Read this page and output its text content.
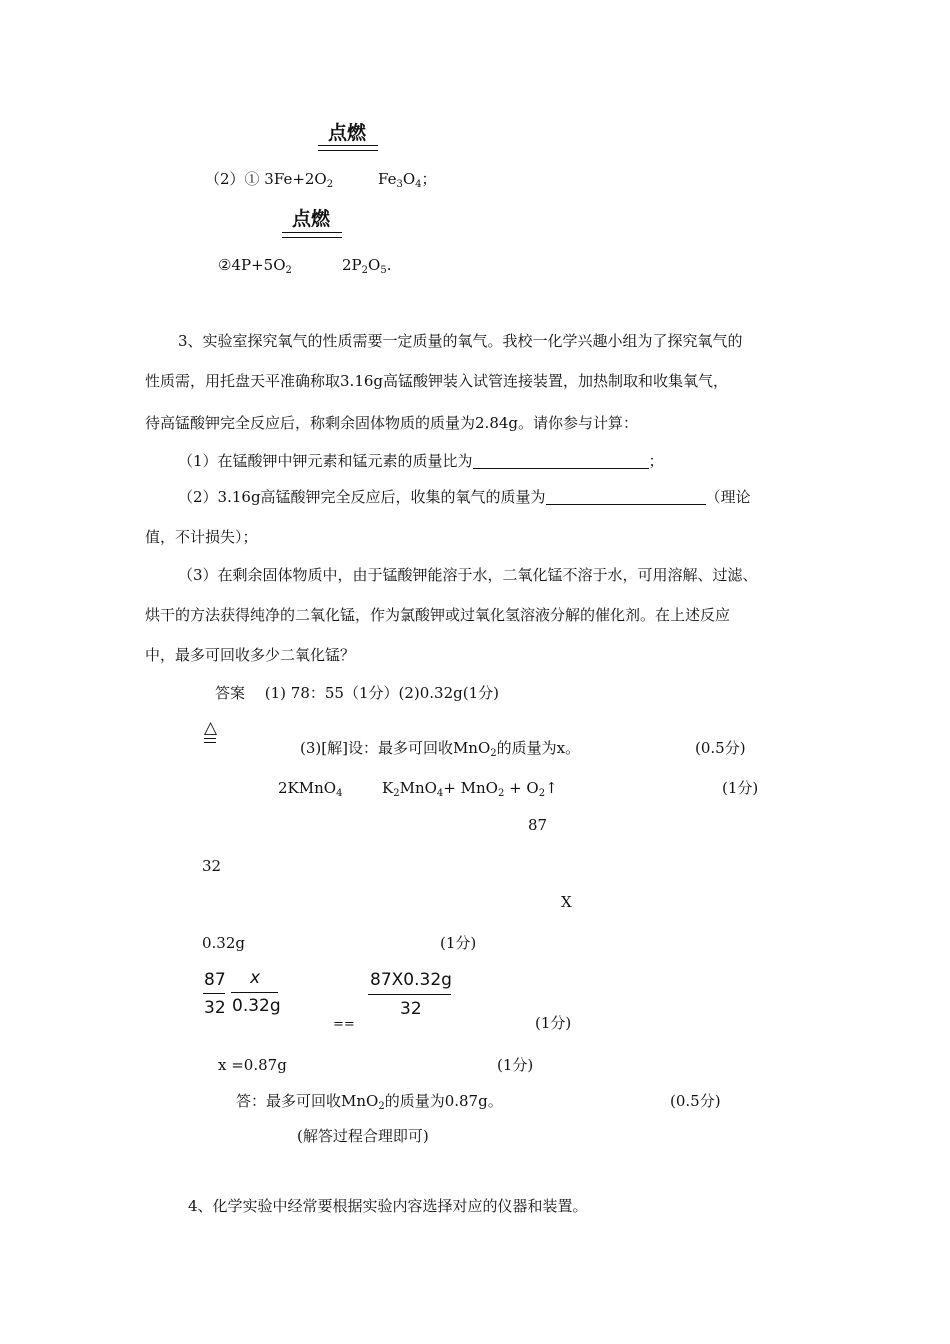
点燃
（2）① $3Fe+2O_2$	$Fe_3O_4$；
点燃
$②4P+5O_2$	$2P_2O_5$.
3、实验室探究氧气的性质需要一定质量的氧气。我校一化学兴趣小组为了探究氧气的
性质需，用托盘天平准确称取3.16g高锰酸钾装入试管连接装置，加热制取和收集氧气，
待高锰酸钾完全反应后，称剩余固体物质的质量为2.84g。请你参与计算：
（1）在锰酸钾中钾元素和锰元素的质量比为	；
（2）3.16g高锰酸钾完全反应后，收集的氧气的质量为	（理论
值，不计损失）；
（3）在剩余固体物质中，由于锰酸钾能溶于水，二氧化锰不溶于水，可用溶解、过滤、
烘干的方法获得纯净的二氧化锰，作为氯酸钾或过氧化氢溶液分解的催化剂。在上述反应
中，最多可回收多少二氧化锰？
答案　 (1) 78：55（1分）(2)0.32g(1分)
△
(3)[解]设：最多可回收MnO$_2$的质量为x。	(0.5分)
2KMnO$_4$	$K_2MnO_4+ MnO_2$ + $O_2↑$	(1分)
87
32
X
0.32g	(1分)
87
32
x
0.32g
==
87X0.32g
32
(1分)
x =0.87g	(1分)
答：最多可回收MnO$_2$的质量为0.87g。	(0.5分)
(解答过程合理即可)
4、化学实验中经常要根据实验内容选择对应的仪器和装置。
